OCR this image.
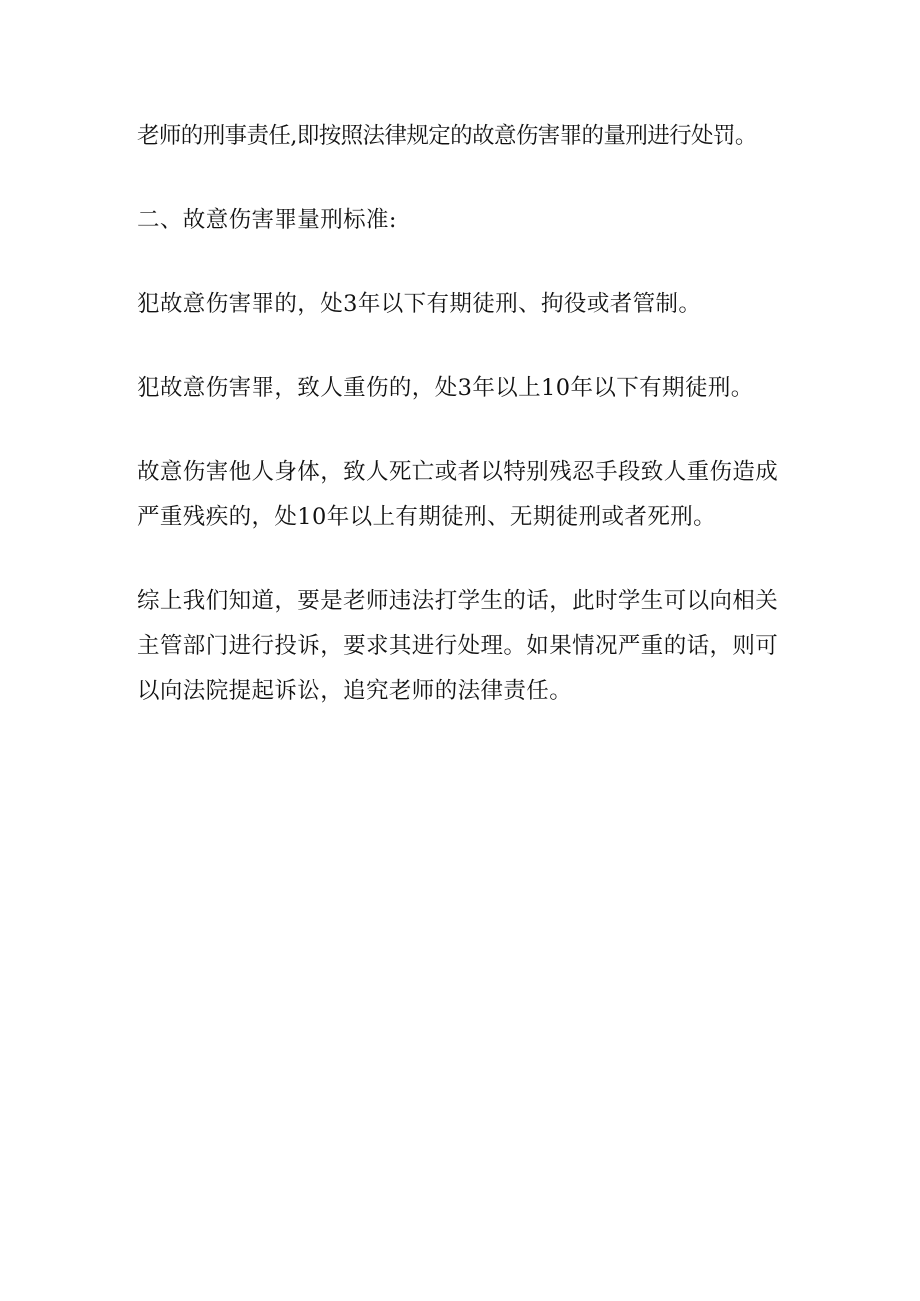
老师的刑事责任,即按照法律规定的故意伤害罪的量刑进行处罚。

二、故意伤害罪量刑标准:

犯故意伤害罪的，处3年以下有期徒刑、拘役或者管制。

犯故意伤害罪，致人重伤的，处3年以上10年以下有期徒刑。

故意伤害他人身体，致人死亡或者以特别残忍手段致人重伤造成严重残疾的，处10年以上有期徒刑、无期徒刑或者死刑。

综上我们知道，要是老师违法打学生的话，此时学生可以向相关主管部门进行投诉，要求其进行处理。如果情况严重的话，则可以向法院提起诉讼，追究老师的法律责任。
